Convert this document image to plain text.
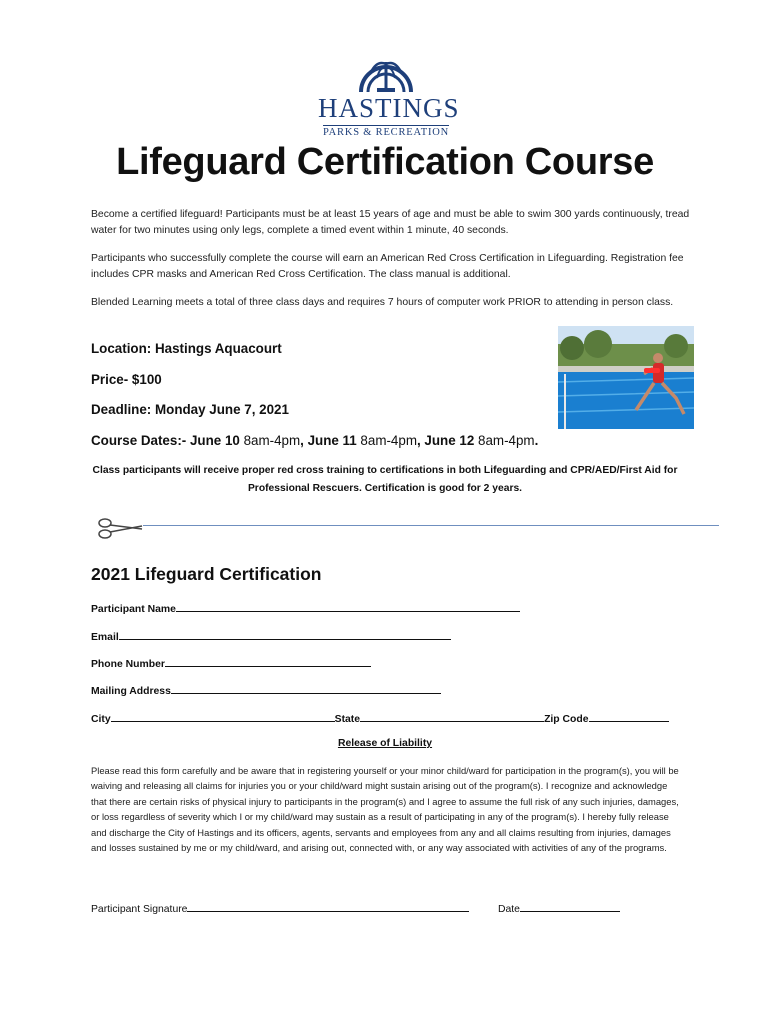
HASTINGS
PARKS & RECREATION
Lifeguard Certification Course
Become a certified lifeguard! Participants must be at least 15 years of age and must be able to swim 300 yards continuously, tread water for two minutes using only legs, complete a timed event within 1 minute, 40 seconds.
Participants who successfully complete the course will earn an American Red Cross Certification in Lifeguarding. Registration fee includes CPR masks and American Red Cross Certification. The class manual is additional.
Blended Learning meets a total of three class days and requires 7 hours of computer work PRIOR to attending in person class.
Location: Hastings Aquacourt
Price- $100
Deadline: Monday June 7, 2021
Course Dates:- June 10 8am-4pm, June 11 8am-4pm, June 12 8am-4pm.
Class participants will receive proper red cross training to certifications in both Lifeguarding and CPR/AED/First Aid for Professional Rescuers. Certification is good for 2 years.
2021 Lifeguard Certification
Participant Name
Email
Phone Number
Mailing Address
City	State	Zip Code
Release of Liability
Please read this form carefully and be aware that in registering yourself or your minor child/ward for participation in the program(s), you will be waiving and releasing all claims for injuries you or your child/ward might sustain arising out of the program(s). I recognize and acknowledge that there are certain risks of physical injury to participants in the program(s) and I agree to assume the full risk of any such injuries, damages, or loss regardless of severity which I or my child/ward may sustain as a result of participating in any of the program(s). I hereby fully release and discharge the City of Hastings and its officers, agents, servants and employees from any and all claims resulting from injuries, damages and losses sustained by me or my child/ward, and arising out, connected with, or any way associated with activities of any of the programs.
Participant Signature	Date
